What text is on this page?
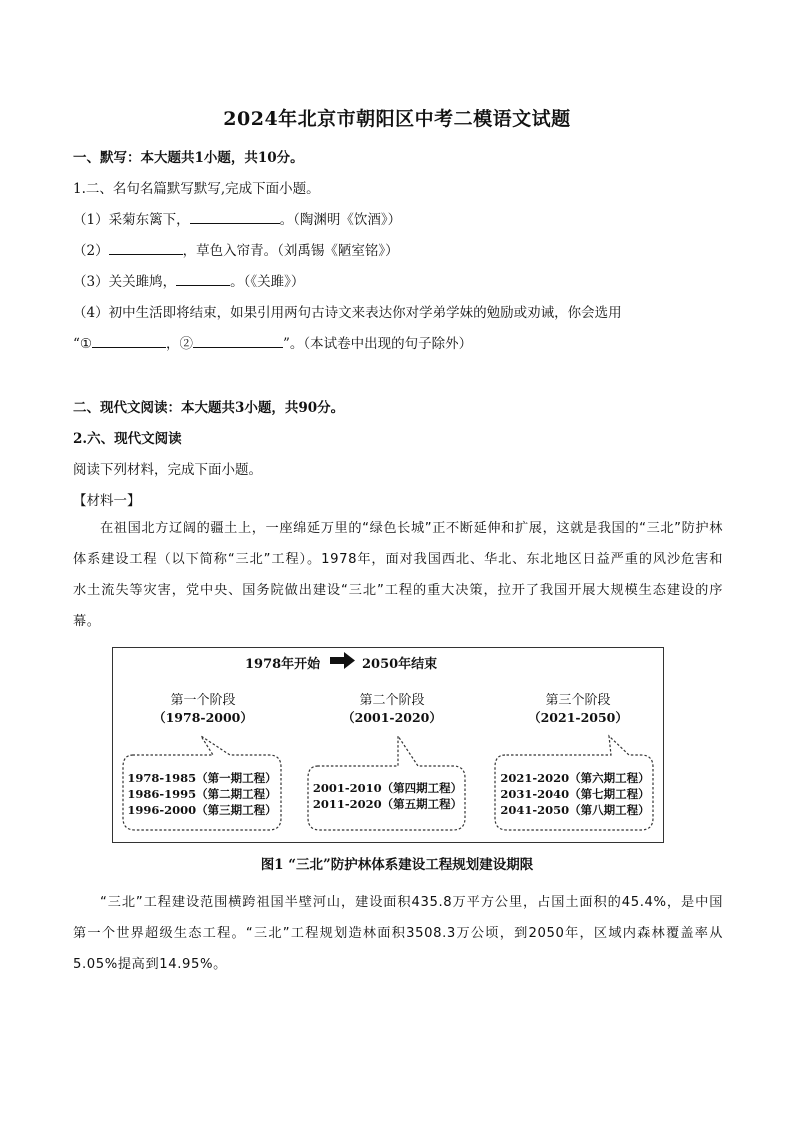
2024年北京市朝阳区中考二模语文试题
一、默写：本大题共1小题，共10分。
1.二、名句名篇默写默写,完成下面小题。
（1）采菊东篱下，	。（陶渊明《饮酒》）
（2）	，草色入帘青。（刘禹锡《陋室铭》）
（3）关关雎鸠，	。（《关雎》）
（4）初中生活即将结束，如果引用两句古诗文来表达你对学弟学妹的勉励或劝诫，你会选用
“①	，②	”。（本试卷中出现的句子除外）
二、现代文阅读：本大题共3小题，共90分。
2.六、现代文阅读
阅读下列材料，完成下面小题。
【材料一】
在祖国北方辽阔的疆土上，一座绵延万里的“绿色长城”正不断延伸和扩展，这就是我国的“三北”防护林体系建设工程（以下简称“三北”工程）。1978年，面对我国西北、华北、东北地区日益严重的风沙危害和水土流失等灾害，党中央、国务院做出建设“三北”工程的重大决策，拉开了我国开展大规模生态建设的序幕。
1978年开始	2050年结束
第一个阶段
（1978-2000）
第二个阶段
（2001-2020）
第三个阶段
（2021-2050）
1978-1985（第一期工程）
1986-1995（第二期工程）
1996-2000（第三期工程）
2001-2010（第四期工程）
2011-2020（第五期工程）
2021-2020（第六期工程）
2031-2040（第七期工程）
2041-2050（第八期工程）
图1 “三北”防护林体系建设工程规划建设期限
“三北”工程建设范围横跨祖国半壁河山，建设面积435.8万平方公里，占国土面积的45.4%，是中国第一个世界超级生态工程。“三北”工程规划造林面积3508.3万公顷，到2050年，区域内森林覆盖率从5.05%提高到14.95%。
